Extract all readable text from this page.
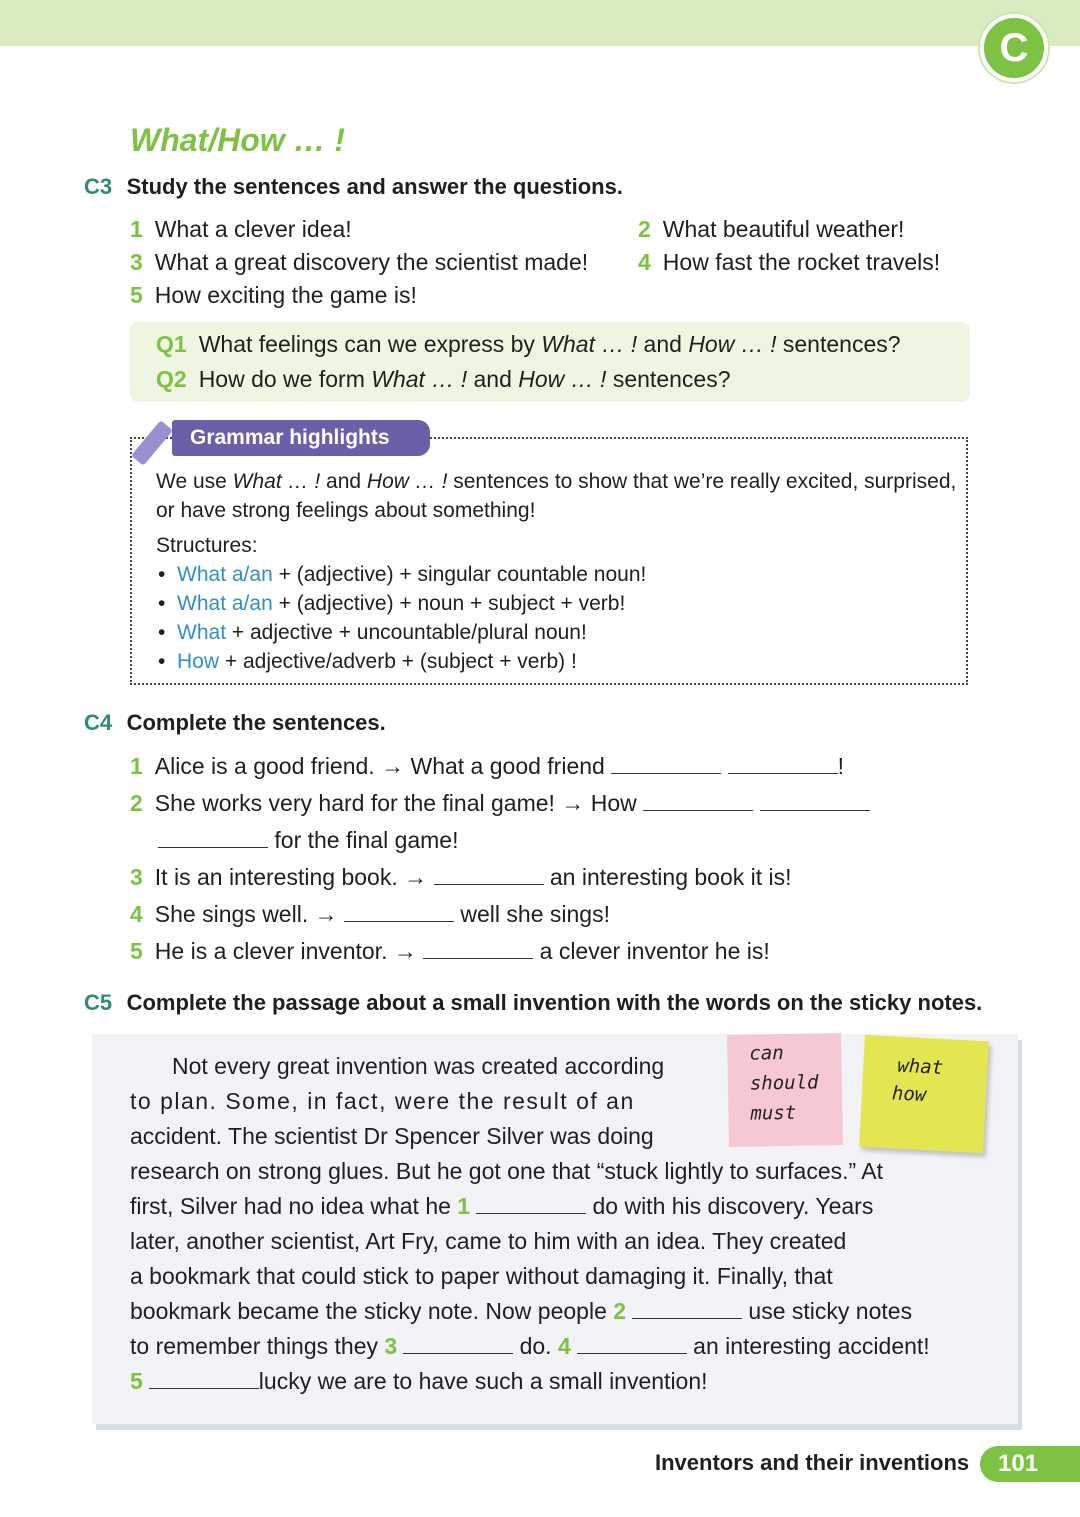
C
What/How … !
C3 Study the sentences and answer the questions.
1 What a clever idea!	2 What beautiful weather!
3 What a great discovery the scientist made! 4 How fast the rocket travels!
5 How exciting the game is!
Q1 What feelings can we express by What … ! and How … ! sentences?
Q2 How do we form What … ! and How … ! sentences?
Grammar highlights
We use What … ! and How … ! sentences to show that we’re really excited, surprised,
or have strong feelings about something!
Structures:
•  What a/an + (adjective) + singular countable noun!
•  What a/an + (adjective) + noun + subject + verb!
•  What + adjective + uncountable/plural noun!
•  How + adjective/adverb + (subject + verb) !
C4 Complete the sentences.
1 Alice is a good friend. → What a good friend	!
2 She works very hard for the final game! → How
for the final game!
3 It is an interesting book. →	an interesting book it is!
4 She sings well. →	well she sings!
5 He is a clever inventor. →	a clever inventor he is!
C5 Complete the passage about a small invention with the words on the sticky notes.
can
should
must
what
how
Not every great invention was created according
to plan. Some, in fact, were the result of an
accident. The scientist Dr Spencer Silver was doing
research on strong glues. But he got one that “stuck lightly to surfaces.” At
first, Silver had no idea what he 1	do with his discovery. Years
later, another scientist, Art Fry, came to him with an idea. They created
a bookmark that could stick to paper without damaging it. Finally, that
bookmark became the sticky note. Now people 2	use sticky notes
to remember things they 3	do. 4	an interesting accident!
5	lucky we are to have such a small invention!
Inventors and their inventions	101
